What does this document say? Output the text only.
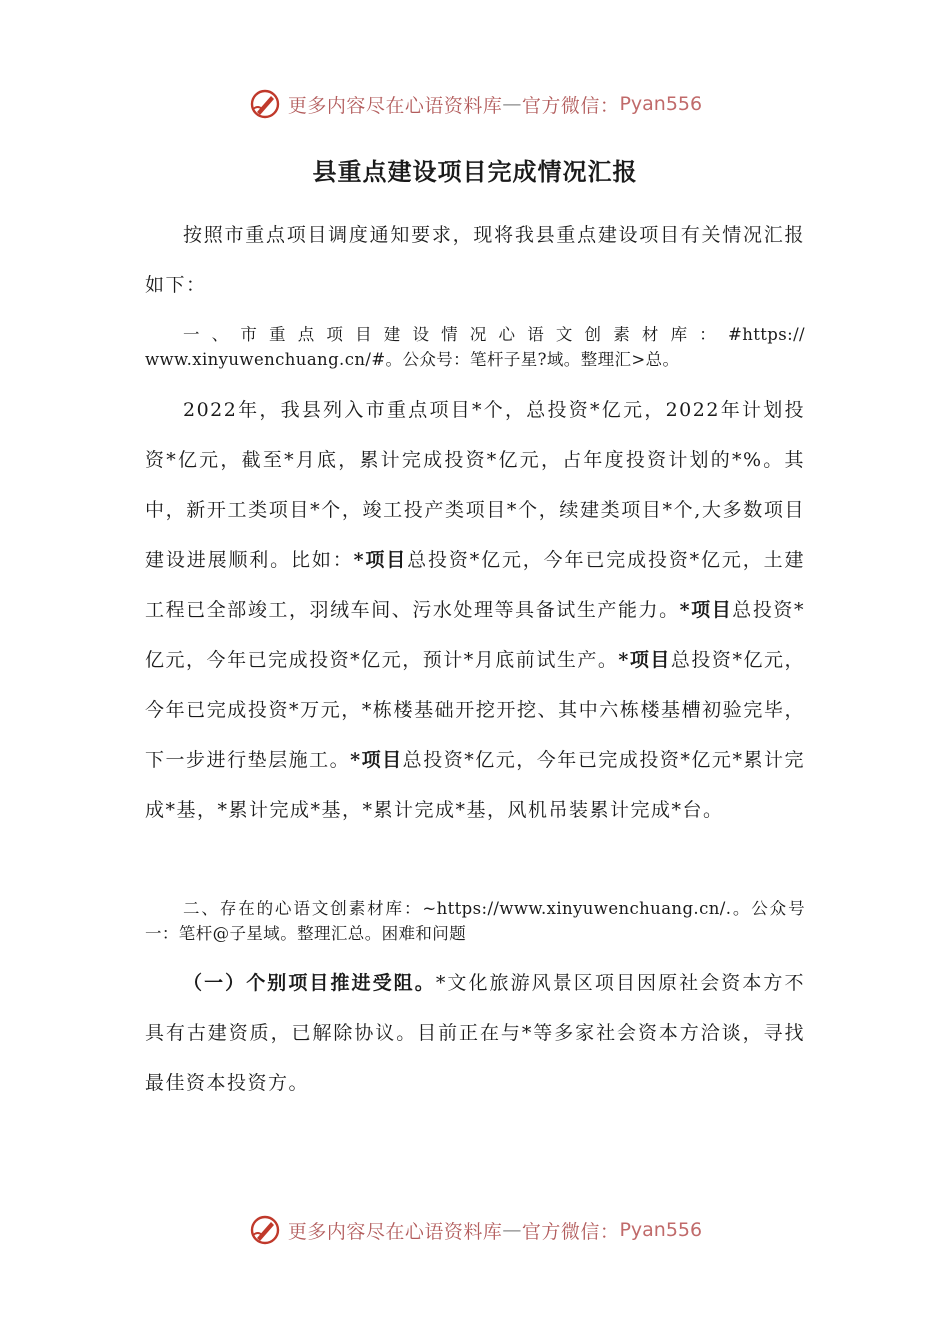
更多内容尽在心语资料库 — 官方微信： Pyan556
县重点建设项目完成情况汇报
按照市重点项目调度通知要求，现将我县重点建设项目有关情况汇报如下：
一、市重点项目建设情况心语文创素材库：#https://
www.xinyuwenchuang.cn/#。公众号：笔杆子星?域。整理汇>总。
2022年，我县列入市重点项目*个，总投资*亿元，2022年计划投资*亿元，截至*月底，累计完成投资*亿元，占年度投资计划的*%。其中，新开工类项目*个，竣工投产类项目*个，续建类项目*个,大多数项目建设进展顺利。比如：*项目总投资*亿元，今年已完成投资*亿元，土建工程已全部竣工，羽绒车间、污水处理等具备试生产能力。*项目总投资*亿元，今年已完成投资*亿元，预计*月底前试生产。*项目总投资*亿元，今年已完成投资*万元，*栋楼基础开挖开挖、其中六栋楼基槽初验完毕，下一步进行垫层施工。*项目总投资*亿元，今年已完成投资*亿元*累计完成*基，*累计完成*基，*累计完成*基，风机吊装累计完成*台。
二、存在的心语文创素材库：~https://www.xinyuwenchuang.cn/.。公众号一：笔杆@子星域。整理汇总。困难和问题
（一）个别项目推进受阻。*文化旅游风景区项目因原社会资本方不具有古建资质，已解除协议。目前正在与*等多家社会资本方洽谈，寻找最佳资本投资方。
更多内容尽在心语资料库 — 官方微信： Pyan556
